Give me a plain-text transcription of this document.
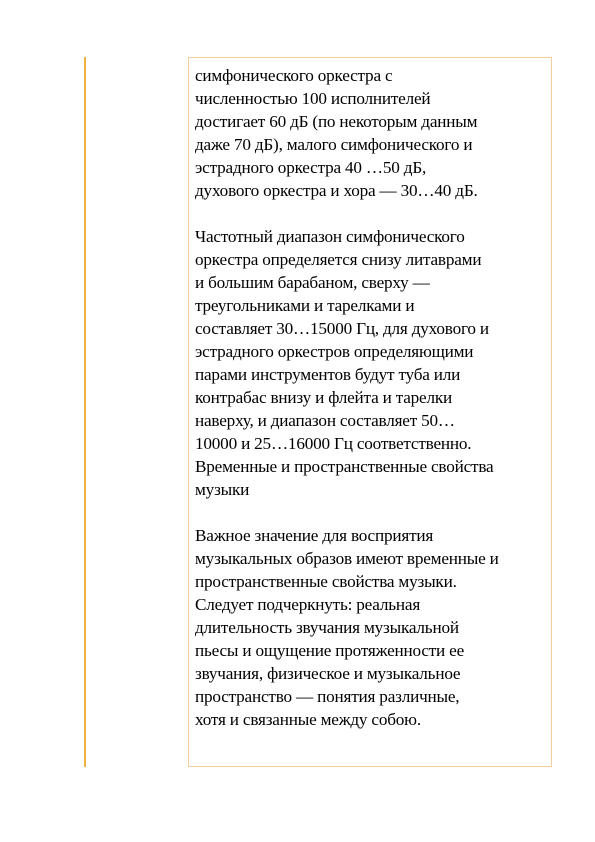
симфонического оркестра с
численностью 100 исполнителей
достигает 60 дБ (по некоторым данным
даже 70 дБ), малого симфонического и
эстрадного оркестра 40 …50 дБ,
духового оркестра и хора — 30…40 дБ.

Частотный диапазон симфонического
оркестра определяется снизу литаврами
и большим барабаном, сверху —
треугольниками и тарелками и
составляет 30…15000 Гц, для духового и
эстрадного оркестров определяющими
парами инструментов будут туба или
контрабас внизу и флейта и тарелки
наверху, и диапазон составляет 50…
10000 и 25…16000 Гц соответственно.
Временные и пространственные свойства
музыки

Важное значение для восприятия
музыкальных образов имеют временные и
пространственные свойства музыки.
Следует подчеркнуть: реальная
длительность звучания музыкальной
пьесы и ощущение протяженности ее
звучания, физическое и музыкальное
пространство — понятия различные,
хотя и связанные между собою.
